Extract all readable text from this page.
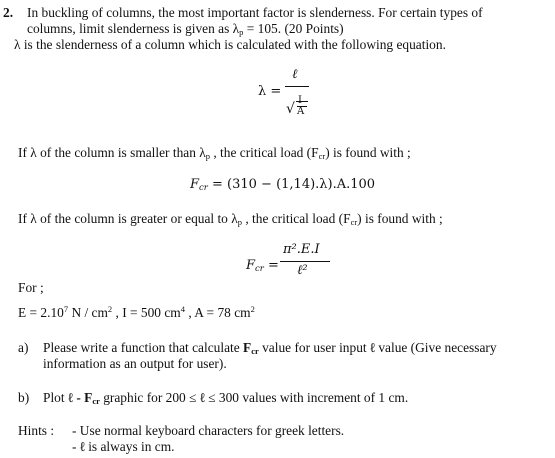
2. In buckling of columns, the most important factor is slenderness. For certain types of
columns, limit slenderness is given as $\lambda_p = 105$. (20 Points)
λ is the slenderness of a column which is calculated with the following equation.
λ =
ℓ
√
I
A
If λ of the column is smaller than $\lambda_p$ , the critical load $(F_{cr})$ is found with ;
$F_{cr} = (310 - (1,14).\lambda).A.100$
If λ of the column is greater or equal to $\lambda_p$ , the critical load $(F_{cr})$ is found with ;
$F_{cr}$ =
π².E.I
ℓ²
For ;
$E = 2.10^7$ N / $cm^2$ , I = 500 $cm^4$ , A = 78 $cm^2$
a) Please write a function that calculate $F_{cr}$ value for user input ℓ value (Give necessary
information as an output for user).
b) Plot ℓ - $F_{cr}$ graphic for 200 ≤ ℓ ≤ 300 values with increment of 1 cm.
Hints : - Use normal keyboard characters for greek letters.
- ℓ is always in cm.
